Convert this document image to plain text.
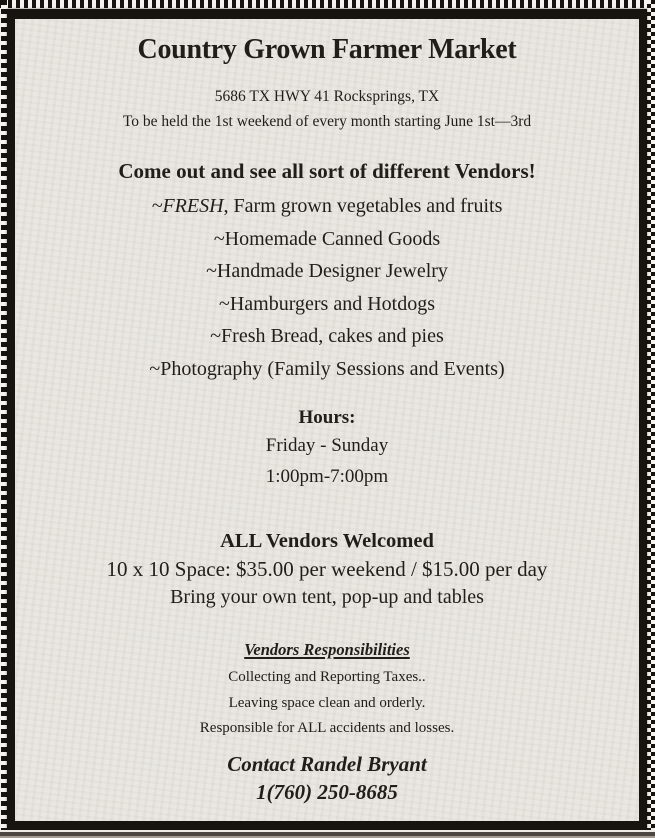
Country Grown Farmer Market
5686 TX HWY 41 Rocksprings, TX
To be held the 1st weekend of every month starting June 1st—3rd
Come out and see all sort of different Vendors!
~FRESH, Farm grown vegetables and fruits
~Homemade Canned Goods
~Handmade Designer Jewelry
~Hamburgers and Hotdogs
~Fresh Bread, cakes and pies
~Photography (Family Sessions and Events)
Hours:
Friday - Sunday
1:00pm-7:00pm
ALL Vendors Welcomed
10 x 10 Space: $35.00 per weekend / $15.00 per day
Bring your own tent, pop-up and tables
Vendors Responsibilities
Collecting and Reporting Taxes..
Leaving space clean and orderly.
Responsible for ALL accidents and losses.
Contact Randel Bryant
1(760) 250-8685
